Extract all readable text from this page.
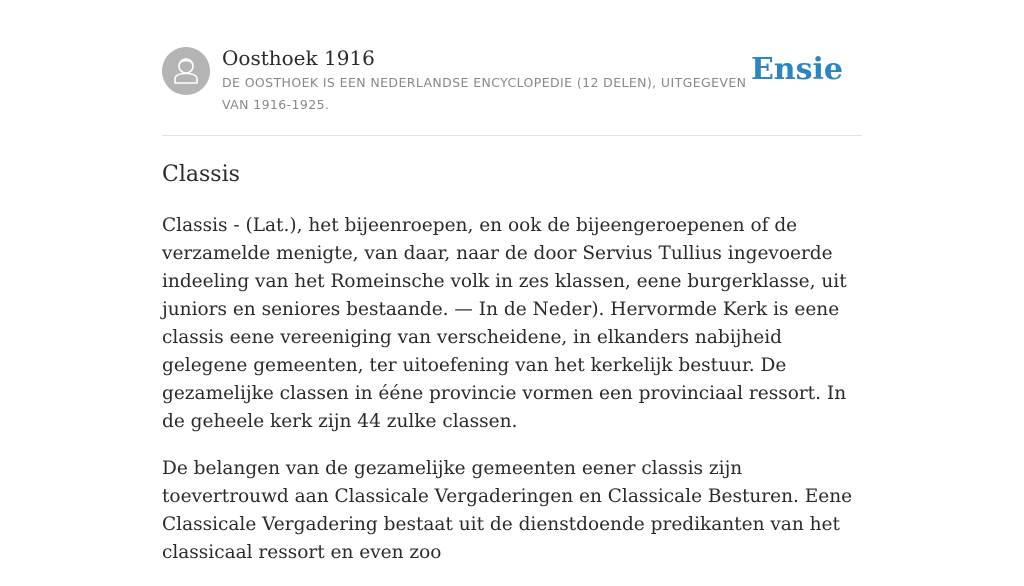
Oosthoek 1916
DE OOSTHOEK IS EEN NEDERLANDSE ENCYCLOPEDIE (12 DELEN), UITGEGEVEN VAN 1916-1925.
Ensie
Classis

Classis - (Lat.), het bijeenroepen, en ook de bijeengeroepenen of de verzamelde menigte, van daar, naar de door Servius Tullius ingevoerde indeeling van het Romeinsche volk in zes klassen, eene burgerklasse, uit juniors en seniores bestaande. — In de Neder). Hervormde Kerk is eene classis eene vereeniging van verscheidene, in elkanders nabijheid gelegene gemeenten, ter uitoefening van het kerkelijk bestuur. De gezamelijke classen in ééne provincie vormen een provinciaal ressort. In de geheele kerk zijn 44 zulke classen.

De belangen van de gezamelijke gemeenten eener classis zijn toevertrouwd aan Classicale Vergaderingen en Classicale Besturen. Eene Classicale Vergadering bestaat uit de dienstdoende predikanten van het classicaal ressort en even zoo
